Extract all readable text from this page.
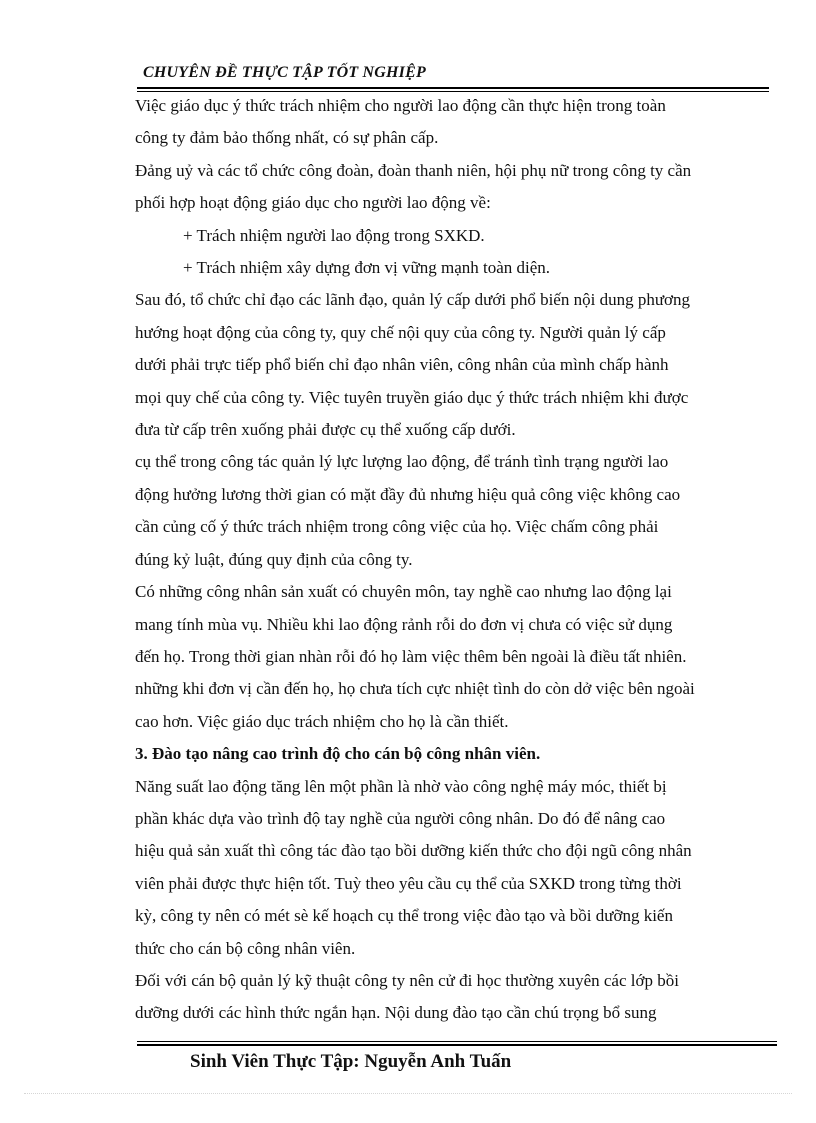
CHUYÊN ĐỀ THỰC TẬP TỐT NGHIỆP

Việc giáo dục ý thức trách nhiệm cho người lao động cần thực hiện trong toàn

công ty đảm bảo thống nhất, có sự phân cấp.

Đảng uỷ và các tổ chức công đoàn, đoàn thanh niên, hội phụ nữ trong công ty cần

phối hợp hoạt động giáo dục cho người lao động về:

+ Trách nhiệm người lao động trong SXKD.

+ Trách nhiệm xây dựng đơn vị vững mạnh toàn diện.

Sau đó, tổ chức chỉ đạo các lãnh đạo, quản lý cấp dưới phổ biến nội dung phương

hướng hoạt động của công ty, quy chế nội quy của công ty. Người quản lý cấp

dưới phải trực tiếp phổ biến chỉ đạo nhân viên, công nhân của mình chấp hành

mọi quy chế của công ty. Việc tuyên truyền giáo dục ý thức trách nhiệm khi được

đưa từ cấp trên xuống phải được cụ thể xuống cấp dưới.

cụ thể trong công tác quản lý lực lượng lao động, để tránh tình trạng người lao

động hưởng lương thời gian có mặt đầy đủ nhưng hiệu quả công việc không cao

cần củng cố ý thức trách nhiệm trong công việc của họ. Việc chấm công phải

đúng kỷ luật, đúng quy định của công ty.

Có những công nhân sản xuất có chuyên môn, tay nghề cao nhưng lao động lại

mang tính mùa vụ. Nhiều khi lao động rảnh rỗi do đơn vị chưa có việc sử dụng

đến họ. Trong thời gian nhàn rỗi đó họ làm việc thêm bên ngoài là điều tất nhiên.

những khi đơn vị cần đến họ, họ chưa tích cực nhiệt tình do còn dở việc bên ngoài

cao hơn. Việc giáo dục trách nhiệm cho họ là cần thiết.

3. Đào tạo nâng cao trình độ cho cán bộ công nhân viên.

Năng suất lao động tăng lên một phần là nhờ vào công nghệ máy móc, thiết bị

phần khác dựa vào trình độ tay nghề của người công nhân. Do đó để nâng cao

hiệu quả sản xuất thì công tác đào tạo bồi dưỡng kiến thức cho đội ngũ công nhân

viên phải được thực hiện tốt. Tuỳ theo yêu cầu cụ thể của SXKD trong từng thời

kỳ, công ty nên có mét sè kế hoạch cụ thể trong việc đào tạo và bồi dưỡng kiến

thức cho cán bộ công nhân viên.

Đối với cán bộ quản lý kỹ thuật công ty nên cử đi học thường xuyên các lớp bồi

dưỡng dưới các hình thức ngắn hạn. Nội dung đào tạo cần chú trọng bổ sung

Sinh Viên Thực Tập: Nguyễn Anh Tuấn
